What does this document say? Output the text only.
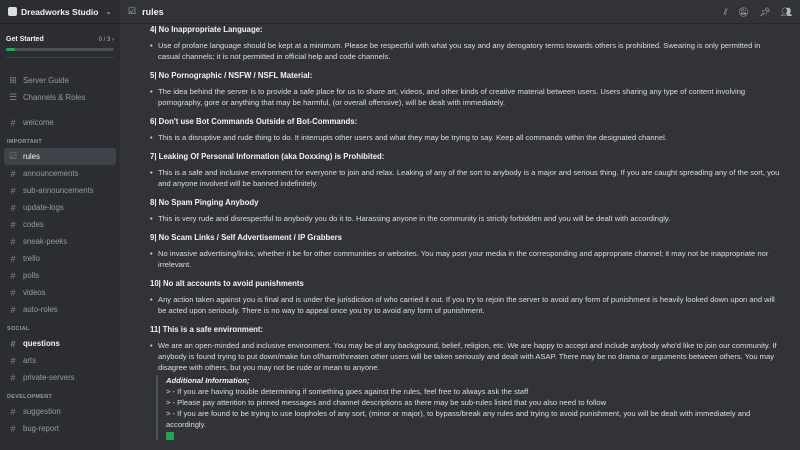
Dreadworks Studio ⌄
Get Started	0 / 3 ›
⊞ Server Guide
☰ Channels & Roles
# welcome
IMPORTANT
☑ rules
# announcements
# sub-announcements
# update-logs
# codes
# sneak-peeks
# trello
# polls
# videos
# auto-roles
SOCIAL
# questions
# arts
# private-servers
DEVELOPMENT
# suggestion
# bug-report
☑ rules	⫽ 🔕︎ 📌︎ 👥︎
4| No Inappropriate Language:
• Use of profane language should be kept at a minimum. Please be respectful with what you say and any derogatory terms towards others is prohibited. Swearing is only permitted in casual channels; it is not permitted in official help and code channels.
5| No Pornographic / NSFW / NSFL Material:
• The idea behind the server is to provide a safe place for us to share art, videos, and other kinds of creative material between users. Users sharing any type of content involving pornography, gore or anything that may be harmful, (or overall offensive), will be dealt with immediately.
6| Don't use Bot Commands Outside of Bot-Commands:
• This is a disruptive and rude thing to do. It interrupts other users and what they may be trying to say. Keep all commands within the designated channel.
7| Leaking Of Personal Information (aka Doxxing) is Prohibited:
• This is a safe and inclusive environment for everyone to join and relax. Leaking of any of the sort to anybody is a major and serious thing. If you are caught spreading any of the sort, you and anyone involved will be banned indefinitely.
8| No Spam Pinging Anybody
• This is very rude and disrespectful to anybody you do it to. Harassing anyone in the community is strictly forbidden and you will be dealt with accordingly.
9| No Scam Links / Self Advertisement / IP Grabbers
• No invasive advertising/links, whether it be for other communities or websites. You may post your media in the corresponding and appropriate channel; it may not be inappropriate nor irrelevant.
10| No alt accounts to avoid punishments
• Any action taken against you is final and is under the jurisdiction of who carried it out. If you try to rejoin the server to avoid any form of punishment is heavily looked down upon and will be acted upon seriously. There is no way to appeal once you try to avoid any form of punishment.
11| This is a safe environment:
• We are an open-minded and inclusive environment. You may be of any background, belief, religion, etc. We are happy to accept and include anybody who'd like to join our community. If anybody is found trying to put down/make fun of/harm/threaten other users will be taken seriously and dealt with ASAP. There may be no drama or arguments between others. You may disagree with others, but you may not be rude or mean to anyone.
Additional Information;
> - If you are having trouble determining if something goes against the rules, feel free to always ask the staff
> - Please pay attention to pinned messages and channel descriptions as there may be sub-rules listed that you also need to follow
> - If you are found to be trying to use loopholes of any sort, (minor or major), to bypass/break any rules and trying to avoid punishment, you will be dealt with immediately and accordingly.
